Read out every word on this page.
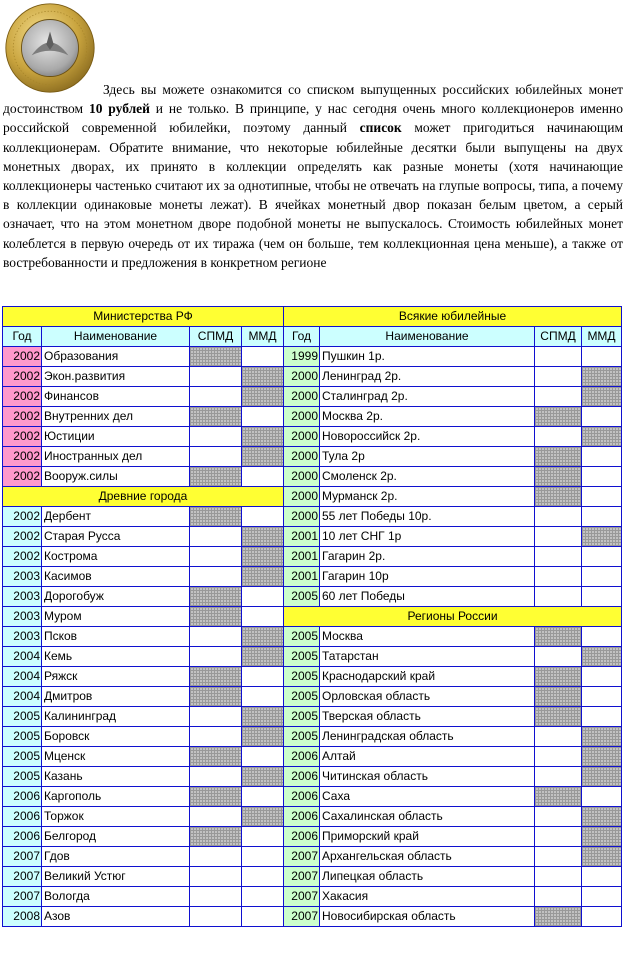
Здесь вы можете ознакомится со списком выпущенных российских юбилейных монет достоинством 10 рублей и не только. В принципе, у нас сегодня очень много коллекционеров именно российской современной юбилейки, поэтому данный список может пригодиться начинающим коллекционерам. Обратите внимание, что некоторые юбилейные десятки были выпущены на двух монетных дворах, их принято в коллекции определять как разные монеты (хотя начинающие коллекционеры частенько считают их за однотипные, чтобы не отвечать на глупые вопросы, типа, а почему в коллекции одинаковые монеты лежат). В ячейках монетный двор показан белым цветом, а серый означает, что на этом монетном дворе подобной монеты не выпускалось. Стоимость юбилейных монет колеблется в первую очередь от их тиража (чем он больше, тем коллекционная цена меньше), а также от востребованности и предложения в конкретном регионе

Министерства РФ			
Год	Наименование	СПМД	ММД
2002	Образования		
2002	Экон.развития		
2002	Финансов		
2002	Внутренних дел		
2002	Юстиции		
2002	Иностранных дел		
2002	Вооруж.силы		
Древние города			
2002	Дербент		
2002	Старая Русса		
2002	Кострома		
2003	Касимов		
2003	Дорогобуж		
2003	Муром		
2003	Псков		
2004	Кемь		
2004	Ряжск		
2004	Дмитров		
2005	Калининград		
2005	Боровск		
2005	Мценск		
2005	Казань		
2006	Каргополь		
2006	Торжок		
2006	Белгород		
2007	Гдов		
2007	Великий Устюг		
2007	Вологда		
2008	Азов		
Всякие юбилейные			
Год	Наименование	СПМД	ММД
1999	Пушкин 1р.		
2000	Ленинград 2р.		
2000	Сталинград 2р.		
2000	Москва 2р.		
2000	Новороссийск 2р.		
2000	Тула 2р		
2000	Смоленск 2р.		
2000	Мурманск 2р.		
2000	55 лет Победы 10р.		
2001	10 лет СНГ 1р		
2001	Гагарин 2р.		
2001	Гагарин 10р		
2005	60 лет Победы		
Регионы России			
2005	Москва		
2005	Татарстан		
2005	Краснодарский край		
2005	Орловская область		
2005	Тверская область		
2005	Ленинградская область		
2006	Алтай		
2006	Читинская область		
2006	Саха		
2006	Сахалинская область		
2006	Приморский край		
2007	Архангельская область		
2007	Липецкая область		
2007	Хакасия		
2007	Новосибирская область		
